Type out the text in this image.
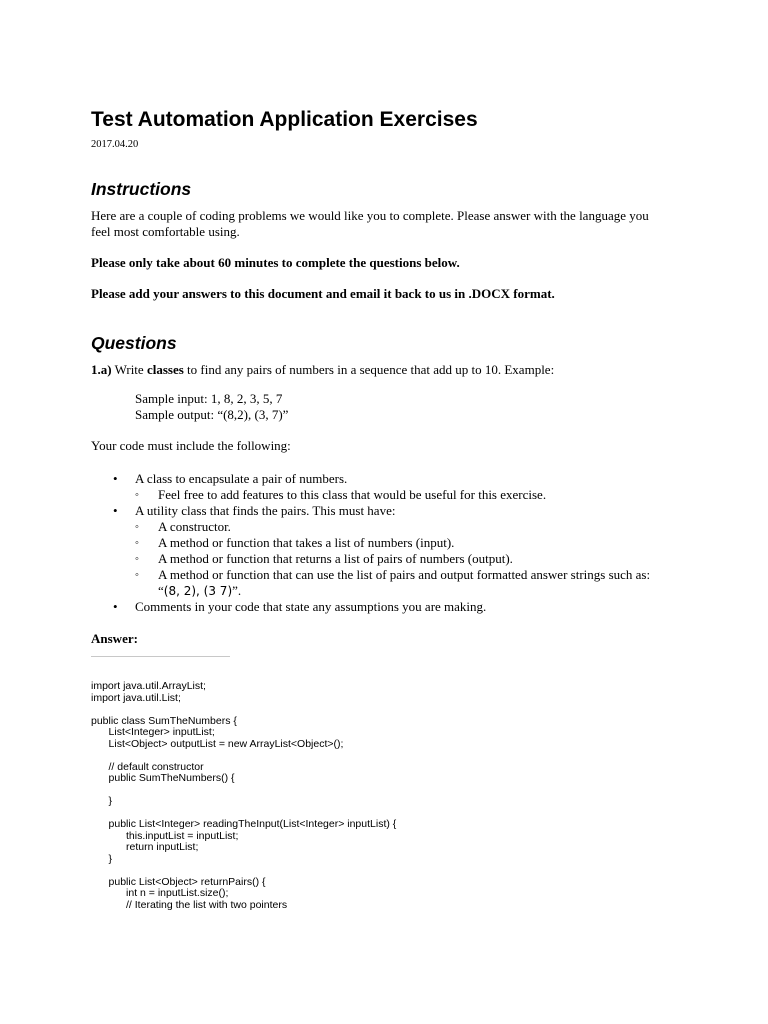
Test Automation Application Exercises
2017.04.20
Instructions
Here are a couple of coding problems we would like you to complete. Please answer with the language you
feel most comfortable using.
Please only take about 60 minutes to complete the questions below.
Please add your answers to this document and email it back to us in .DOCX format.
Questions
1.a) Write classes to find any pairs of numbers in a sequence that add up to 10. Example:
Sample input: 1, 8, 2, 3, 5, 7
Sample output: “(8,2), (3, 7)”
Your code must include the following:
• A class to encapsulate a pair of numbers.
◦ Feel free to add features to this class that would be useful for this exercise.
• A utility class that finds the pairs. This must have:
◦ A constructor.
◦ A method or function that takes a list of numbers (input).
◦ A method or function that returns a list of pairs of numbers (output).
◦ A method or function that can use the list of pairs and output formatted answer strings such as:
“(8, 2), (3 7)”.
• Comments in your code that state any assumptions you are making.
Answer:
import java.util.ArrayList;
import java.util.List;

public class SumTheNumbers {
	List<Integer> inputList;
	List<Object> outputList = new ArrayList<Object>();

	// default constructor
	public SumTheNumbers() {

	}

	public List<Integer> readingTheInput(List<Integer> inputList) {
		this.inputList = inputList;
		return inputList;
	}

	public List<Object> returnPairs() {
		int n = inputList.size();
		// Iterating the list with two pointers
